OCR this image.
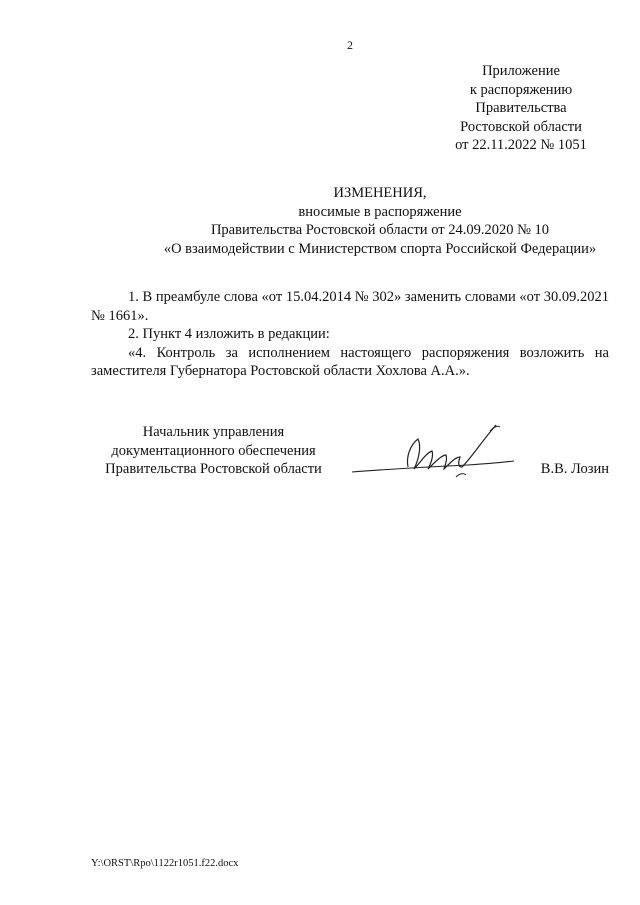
2
Приложение
к распоряжению
Правительства
Ростовской области
от 22.11.2022 № 1051
ИЗМЕНЕНИЯ,
вносимые в распоряжение
Правительства Ростовской области от 24.09.2020 № 10
«О взаимодействии с Министерством спорта Российской Федерации»

1. В преамбуле слова «от 15.04.2014 № 302» заменить словами «от 30.09.2021 № 1661».

2. Пункт 4 изложить в редакции:

«4. Контроль за исполнением настоящего распоряжения возложить на заместителя Губернатора Ростовской области Хохлова А.А.».

Начальник управления
документационного обеспечения
Правительства Ростовской области	В.В. Лозин
Y:\ORST\Rpo\1122r1051.f22.docx
